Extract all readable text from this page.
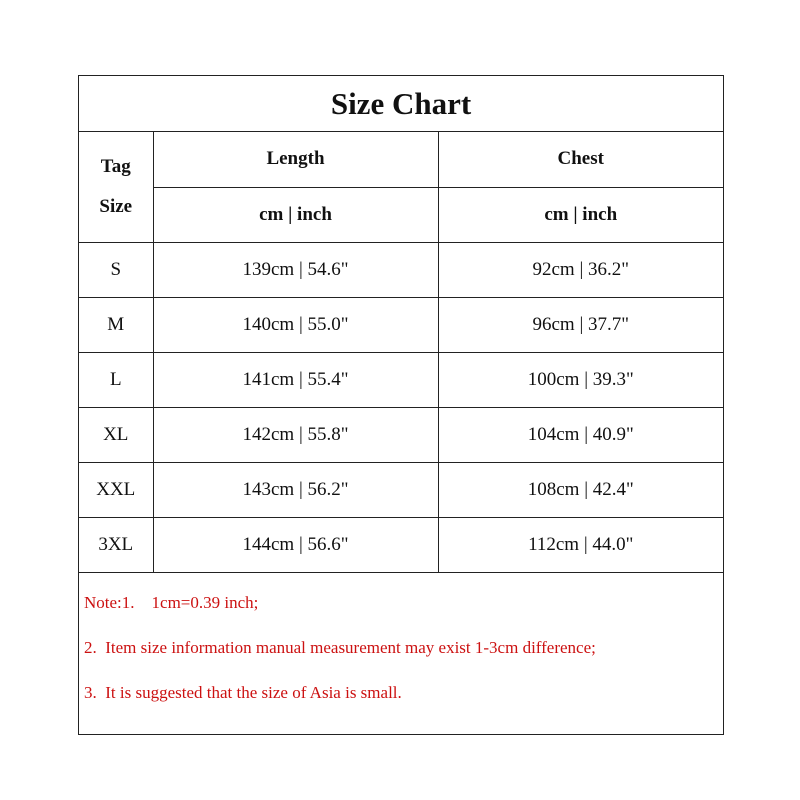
Size Chart
Tag
Size	Length	Chest
	cm | inch	cm | inch
S	139cm | 54.6"	92cm | 36.2"
M	140cm | 55.0"	96cm | 37.7"
L	141cm | 55.4"	100cm | 39.3"
XL	142cm | 55.8"	104cm | 40.9"
XXL	143cm | 56.2"	108cm | 42.4"
3XL	144cm | 56.6"	112cm | 44.0"
Note:1.    1cm=0.39 inch;
2.  Item size information manual measurement may exist 1-3cm difference;
3.  It is suggested that the size of Asia is small.
